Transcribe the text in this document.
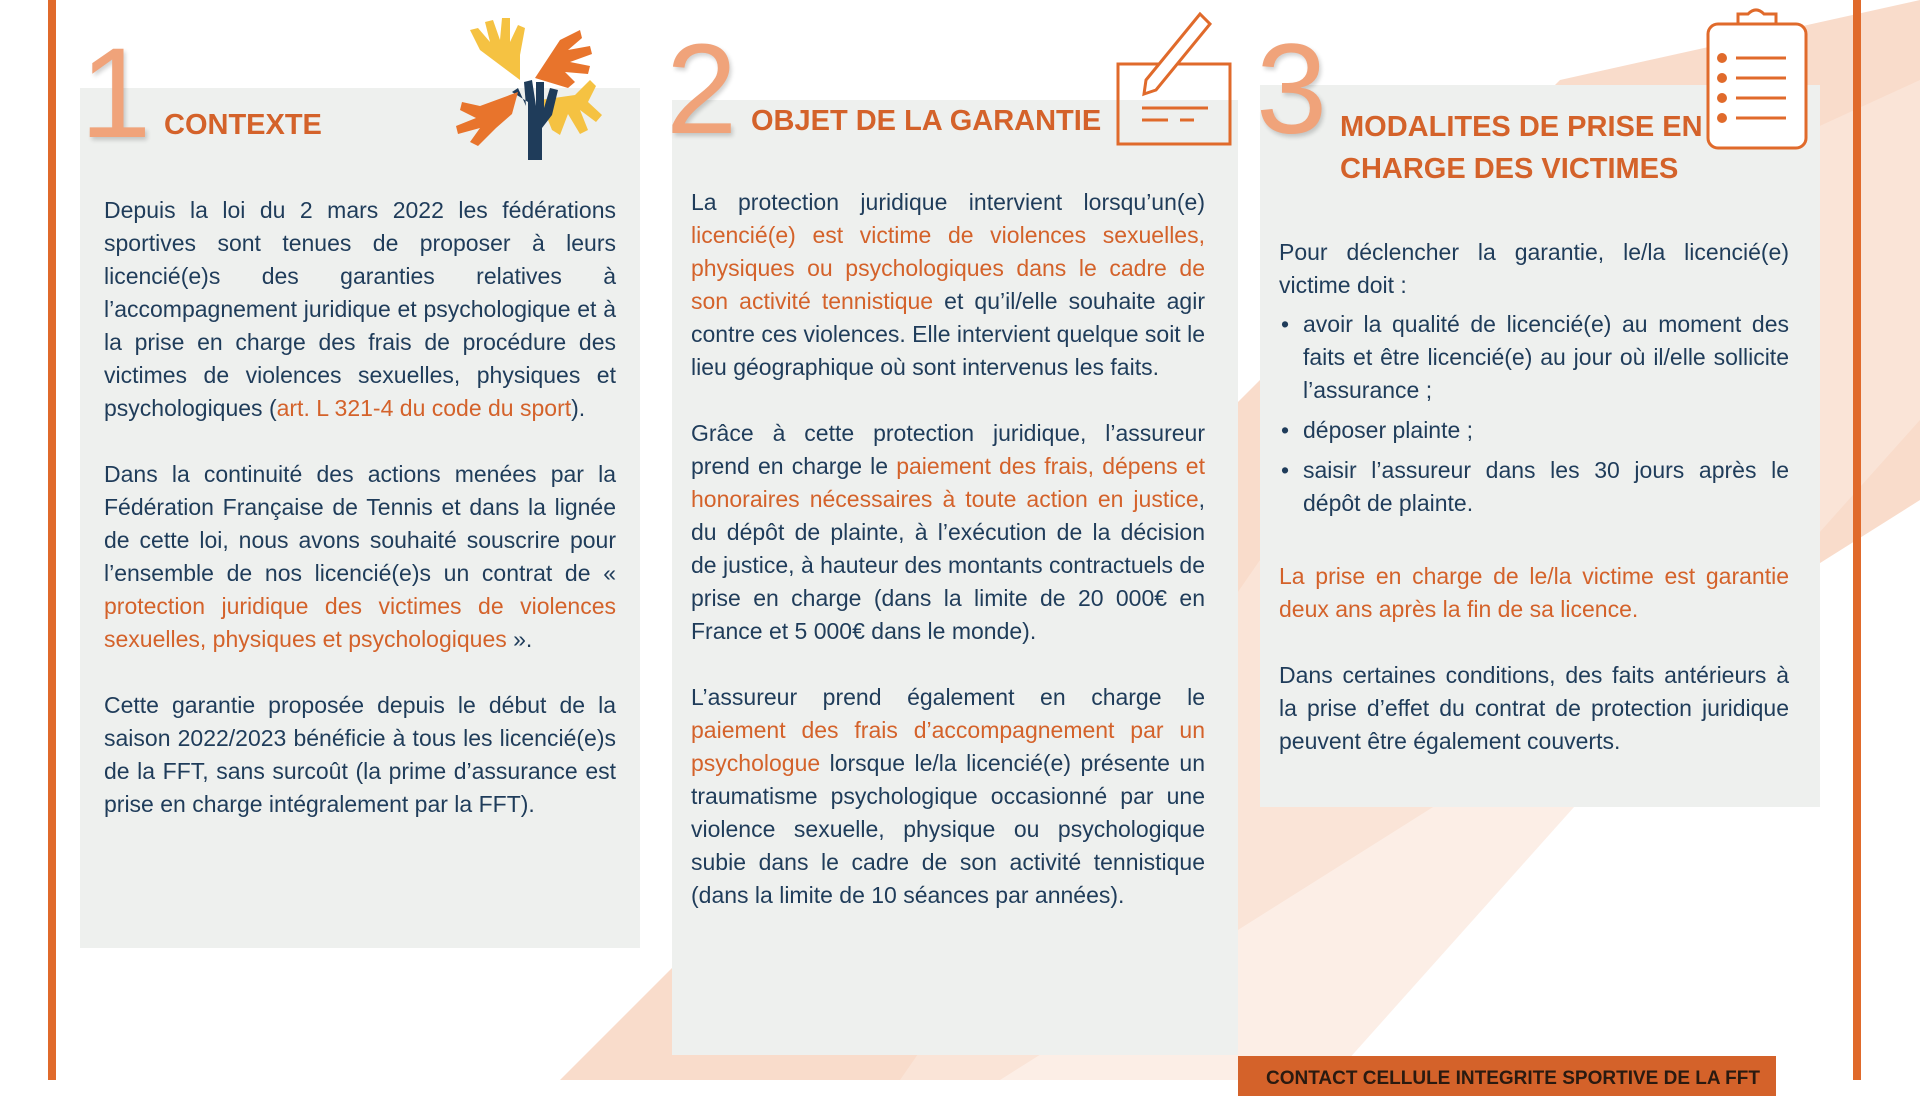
1 CONTEXTE

Depuis la loi du 2 mars 2022 les fédérations sportives sont tenues de proposer à leurs licencié(e)s des garanties relatives à l’accompagnement juridique et psychologique et à la prise en charge des frais de procédure des victimes de violences sexuelles, physiques et psychologiques (art. L 321-4 du code du sport).

Dans la continuité des actions menées par la Fédération Française de Tennis et dans la lignée de cette loi, nous avons souhaité souscrire pour l’ensemble de nos licencié(e)s un contrat de « protection juridique des victimes de violences sexuelles, physiques et psychologiques ».

Cette garantie proposée depuis le début de la saison 2022/2023 bénéficie à tous les licencié(e)s de la FFT, sans surcoût (la prime d’assurance est prise en charge intégralement par la FFT).

2 OBJET DE LA GARANTIE

La protection juridique intervient lorsqu’un(e) licencié(e) est victime de violences sexuelles, physiques ou psychologiques dans le cadre de son activité tennistique et qu’il/elle souhaite agir contre ces violences. Elle intervient quelque soit le lieu géographique où sont intervenus les faits.

Grâce à cette protection juridique, l’assureur prend en charge le paiement des frais, dépens et honoraires nécessaires à toute action en justice, du dépôt de plainte, à l’exécution de la décision de justice, à hauteur des montants contractuels de prise en charge (dans la limite de 20 000€ en France et 5 000€ dans le monde).

L’assureur prend également en charge le paiement des frais d’accompagnement par un psychologue lorsque le/la licencié(e) présente un traumatisme psychologique occasionné par une violence sexuelle, physique ou psychologique subie dans le cadre de son activité tennistique (dans la limite de 10 séances par années).

3 MODALITES DE PRISE EN
CHARGE DES VICTIMES

Pour déclencher la garantie, le/la licencié(e) victime doit :

• avoir la qualité de licencié(e) au moment des faits et être licencié(e) au jour où il/elle sollicite l’assurance ;
• déposer plainte ;
• saisir l’assureur dans les 30 jours après le dépôt de plainte.

La prise en charge de le/la victime est garantie deux ans après la fin de sa licence.

Dans certaines conditions, des faits antérieurs à la prise d’effet du contrat de protection juridique peuvent être également couverts.

CONTACT CELLULE INTEGRITE SPORTIVE DE LA FFT
